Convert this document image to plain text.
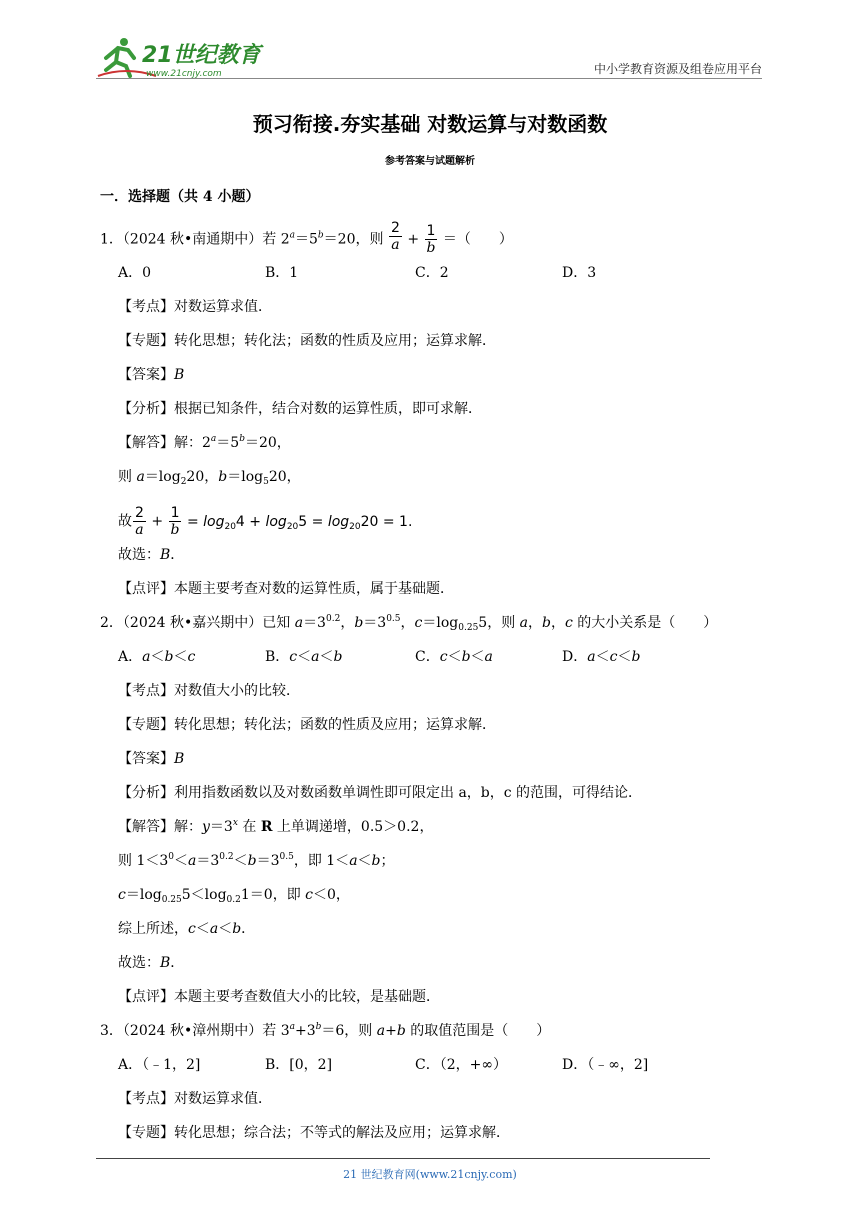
21世纪教育
www.21cnjy.com	中小学教育资源及组卷应用平台
预习衔接.夯实基础 对数运算与对数函数
参考答案与试题解析
一．选择题（共 4 小题）
1．（2024 秋•南通期中）若 $2^a=5^b=20$，则 $\frac{2}{a} + \frac{1}{b}$ ＝（　　）
A．0	B．1	C．2	D．3
【考点】对数运算求值．
【专题】转化思想；转化法；函数的性质及应用；运算求解．
【答案】B
【分析】根据已知条件，结合对数的运算性质，即可求解．
【解答】解：$2^a=5^b=20$，
则 $a=\log_220$，$b=\log_520$，
故 $\frac{2}{a} + \frac{1}{b} = \log_{20}4 + \log_{20}5 = \log_{20}20 = 1$.
故选：B．
【点评】本题主要考查对数的运算性质，属于基础题．
2．（2024 秋•嘉兴期中）已知 $a=3^{0.2}$，$b=3^{0.5}$，$c=\log_{0.25}5$，则 a，b，c 的大小关系是（　　）
A．a＜b＜c	B．c＜a＜b	C．c＜b＜a	D．a＜c＜b
【考点】对数值大小的比较．
【专题】转化思想；转化法；函数的性质及应用；运算求解．
【答案】B
【分析】利用指数函数以及对数函数单调性即可限定出 a，b，c 的范围，可得结论．
【解答】解：$y=3^x$ 在 R 上单调递增，0.5＞0.2，
则 $1<3^0<a=3^{0.2}<b=3^{0.5}$，即 1＜a＜b；
$c=\log_{0.25}5<\log_{0.2}1=0$，即 c＜0，
综上所述，c＜a＜b．
故选：B．
【点评】本题主要考查数值大小的比较，是基础题．
3．（2024 秋•漳州期中）若 $3^a+3^b=6$，则 a+b 的取值范围是（　　）
A．（﹣1，2]	B．[0，2]	C．（2，+∞）	D．（﹣∞，2]
【考点】对数运算求值．
【专题】转化思想；综合法；不等式的解法及应用；运算求解．
21 世纪教育网(www.21cnjy.com)
